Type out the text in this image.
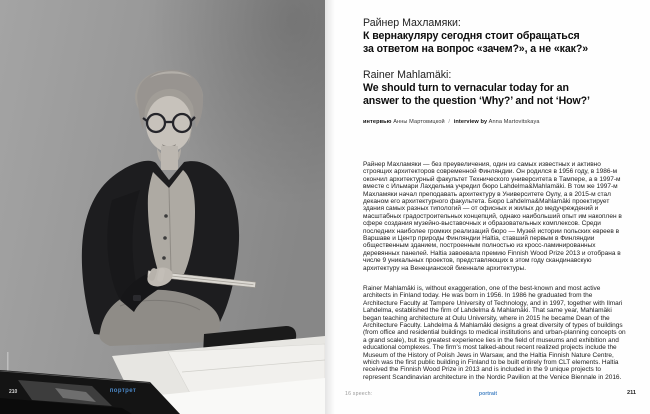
210	портрет

Райнер Махламяки:

К вернакуляру сегодня стоит обращаться

за ответом на вопрос «зачем?», а не «как?»

Rainer Mahlamäki:

We should turn to vernacular today for an

answer to the question ‘Why?’ and not ‘How?’

интервью Анны Мартовицкой / interview by Anna Martovitskaya
Райнер Махламяки — без преувеличения, один из самых известных и активно строящих архитекторов современной Финляндии. Он родился в 1956 году, в 1986-м окончил архитектурный факультет Технического университета в Тампере, а в 1997-м вместе с Ильмари Лахдельма учредил бюро Lahdelma&Mahlamäki. В том же 1997-м Махламяки начал преподавать архитектуру в Университете Оулу, а в 2015-м стал деканом его архитектурного факультета. Бюро Lahdelma&Mahlamäki проектирует здания самых разных типологий — от офисных и жилых до медучреждений и масштабных градостроительных концепций, однако наибольший опыт им накоплен в сфере создания музейно-выставочных и образовательных комплексов. Среди последних наиболее громких реализаций бюро — Музей истории польских евреев в Варшаве и Центр природы Финляндии Haltia, ставший первым в Финляндии общественным зданием, построенным полностью из кросс-ламинированных деревянных панелей. Haltia завоевала премию Finnish Wood Prize 2013 и отобрана в числе 9 уникальных проектов, представляющих в этом году скандинавскую архитектуру на Венецианской биеннале архитектуры.
Rainer Mahlamäki is, without exaggeration, one of the best-known and most active architects in Finland today. He was born in 1956. In 1986 he graduated from the Architecture Faculty at Tampere University of Technology, and in 1997, together with Ilmari Lahdelma, established the firm of Lahdelma & Mahlamäki. That same year, Mahlamäki began teaching architecture at Oulu University, where in 2015 he became Dean of the Architecture Faculty. Lahdelma & Mahlamäki designs a great diversity of types of buildings (from office and residential buildings to medical institutions and urban-planning concepts on a grand scale), but its greatest experience lies in the field of museums and exhibition and educational complexes. The firm's most talked-about recent realized projects include the Museum of the History of Polish Jews in Warsaw, and the Haltia Finnish Nature Centre, which was the first public building in Finland to be built entirely from CLT elements. Haltia received the Finnish Wood Prize in 2013 and is included in the 9 unique projects to represent Scandinavian architecture in the Nordic Pavilion at the Venice Biennale in 2016.
16 speech:	portrait	211
